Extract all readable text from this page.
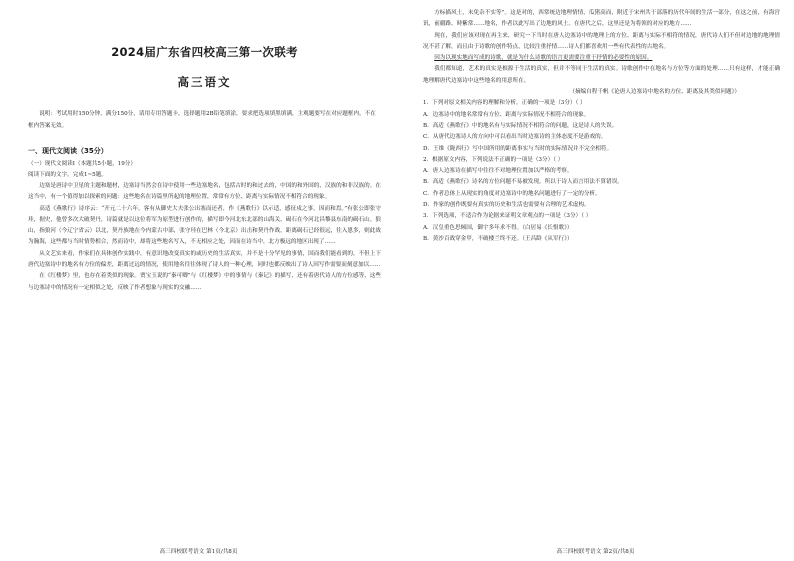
2024届广东省四校高三第一次联考
高三语文

说明：考试用时150分钟，满分150分，请用专用答题卡，选择题用2B铅笔填涂，要求把选项填黑填满，主观题要写在对应题框内，不在框内答案无效。

一、现代文阅读（35分）

（一）现代文阅读Ⅰ（本题共5小题，19分）

阅读下面的文字，完成1~5题。

边塞是唐诗中卫星的主题和题材，边塞诗当然会在诗中使用一些边塞地名，包括古时的和过去的，中国的和外国的，汉族的和非汉族的。在这当中，有一个值得加以探索的问题：这些地名在诗篇里所起的地理位置，常常有方位、距离与实际情况不相符合的现象。

高适《燕歌行》诗序云：“开元二十六年，客有从御史大夫张公出塞而还者，作《燕歌行》以示适，感征戍之事，因而和焉。”有张公即张守珪，据史，他曾多次大破契丹，诗篇就是以这位将军为原型进行创作的，描写即今河北东北部的山海关，碣石在今河北昌黎县东南的碣石山。狼山，指狼河（今辽宁省云）以北，契丹族地在今内蒙古中部，张守珪在巴林（今北京）出击和契丹作战，距离碣石已经很远，往入恩多，则此战为瀚海，这些都与当时情势相合，然而诗中，却将这些地名写入，不无相应之处，因而在诗当中，北方极远的地区出现了……

从文艺实来看，作家们在具体创作实践中，有意识地改变真实的或历史的生活真实，并不是十分罕见的事情，国而我们能看到的，不但上下唐代边塞诗中的地名有方位的偏差，距离过远的情况，使用地名往往体现了诗人的一种心理，同时也都反映出了诗人因写作需要而刻意加以……

在《红楼梦》里，也存在着类似的现象。贾宝玉说的“秦可卿”与《红楼梦》中的事情与《秦记》的描写，还有着唐代诗人的方位感等，这些与边塞诗中的情况有一定相似之处，反映了作者想象与现实的交融……

高三四校联考语文 第1页/共8页

方标描风土，未免杂不实等”。这是对的，西常统边地理情情，瓜猪高而，附近于宋州共于部落的历代年间的生活一部分，在这之前，有海宫讯，前疆路、時紫常……地名，作者以此写出了边地的风土。在唐代之后，这里还是为将领的对应的地方……

现在，我们应该对现在再主来，研究一下当时在唐人边塞诗中的地理上的方位、距离与实际不相符的情况，唐代诗人们不但对边地的地理情况不甚了解，而且由于诗歌的创作特点，比较注重抒情……诗人们都喜欢用一些有代表性的古地名。

因为以现实地而写成的诗歌，就是为什么诗歌的语言更需要注重于抒情的必要性的原因。

我们都知道，艺术的真实是根源于生活的真实，但并不等同于生活的真实。诗歌创作中在地名与方位等方面的处理……只有这样，才能正确地理解唐代边塞诗中这些地名的用意所在。

（摘编自程千帆《论唐人边塞诗中地名的方位、距离及其类似问题》）

1．下列对原文相关内容的理解和分析，正确的一项是（3分）（ ）

A．边塞诗中的地名常常有方位、距离与实际情况不相符合的现象。

B．高适《燕歌行》中的地名有与实际情况不相符合的问题，这是诗人的失误。

C．从唐代边塞诗人的方向中可以看出当时边塞诗的主体态度不是游戏的。

D．王维《陇西行》写中国所用的距离事实与当时的实际情况并不完全相符。

2．根据原文内容，下列说法不正确的一项是（3分）（ ）

A．唐人边塞诗在描写中往往不对地理位置加以严格的考察。

B．高适《燕歌行》诗名的方位问题不易被发现，所以于诗人而言用法不算错误。

C．作者总体上从现实的角度对边塞诗中的地名问题进行了一定的分析。

D．作家的创作既要有真实的历史和生活也需要有合理的艺术虚构。

3．下列选项，不适合作为论据来证明文章观点的一项是（3分）（ ）

A．汉皇重色思倾国，御宇多年求不得。（白居易《长恨歌》）

B．黄沙百战穿金甲，不破楼兰终不还。（王昌龄《从军行》）

高三四校联考语文 第2页/共8页
